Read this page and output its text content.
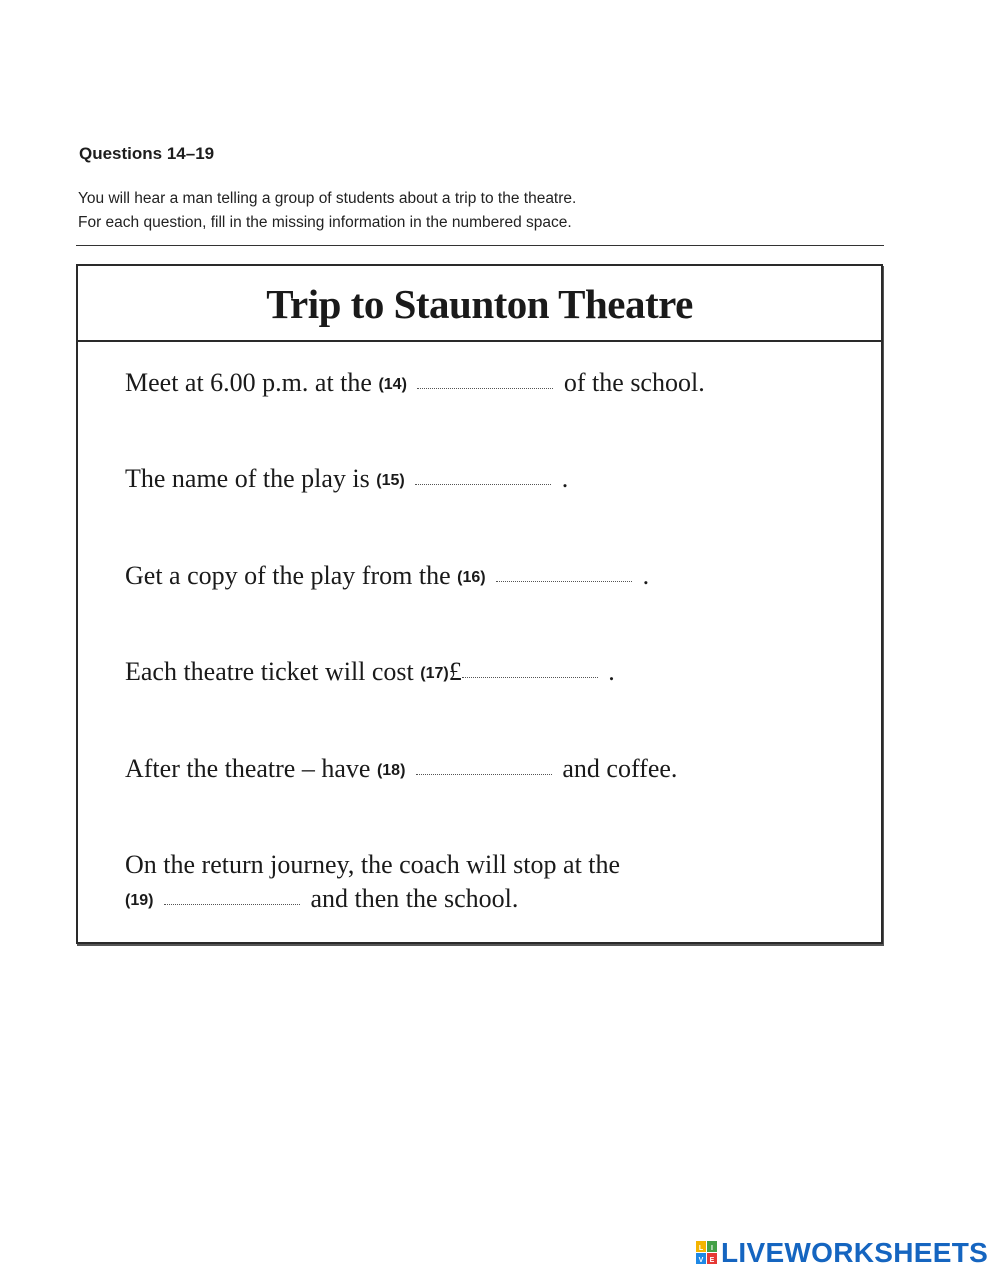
Questions 14–19
You will hear a man telling a group of students about a trip to the theatre.
For each question, fill in the missing information in the numbered space.
Trip to Staunton Theatre
Meet at 6.00 p.m. at the (14)	of the school.
The name of the play is (15)	.
Get a copy of the play from the (16)	.
Each theatre ticket will cost (17)£	.
After the theatre – have (18)	and coffee.
On the return journey, the coach will stop at the
(19)	and then the school.
L I
V E LIVEWORKSHEETS
